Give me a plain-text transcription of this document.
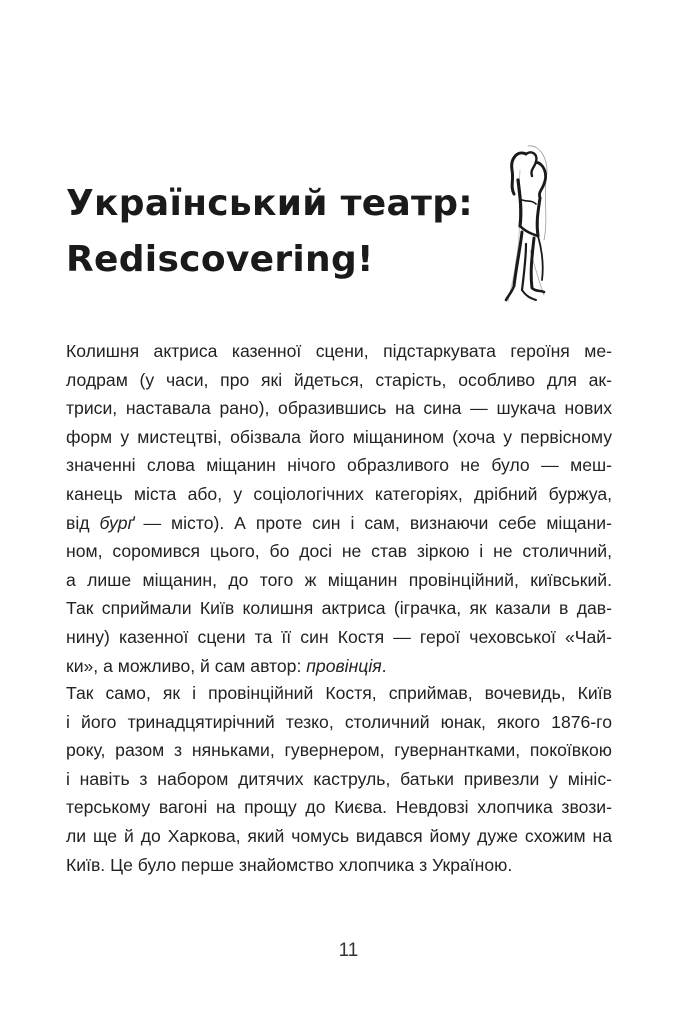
Український театр:
Rediscovering!
Колишня актриса казенної сцени, підстаркувата героїня ме-
лодрам (у часи, про які йдеться, старість, особливо для ак-
триси, наставала рано), образившись на сина — шукача нових
форм у мистецтві, обізвала його міщанином (хоча у первісному
значенні слова міщанин нічого образливого не було — меш-
канець міста або, у соціологічних категоріях, дрібний буржуа,
від бурґ — місто). А проте син і сам, визнаючи себе міщани-
ном, соромився цього, бо досі не став зіркою і не столичний,
а лише міщанин, до того ж міщанин провінційний, київський.
Так сприймали Київ колишня актриса (іграчка, як казали в дав-
нину) казенної сцени та її син Костя — герої чеховської «Чай-
ки», а можливо, й сам автор: провінція.
Так само, як і провінційний Костя, сприймав, вочевидь, Київ
і його тринадцятирічний тезко, столичний юнак, якого 1876-го
року, разом з няньками, гувернером, гувернантками, покоївкою
і навіть з набором дитячих каструль, батьки привезли у мініс-
терському вагоні на прощу до Києва. Невдовзі хлопчика звози-
ли ще й до Харкова, який чомусь видався йому дуже схожим на
Київ. Це було перше знайомство хлопчика з Україною.
11
